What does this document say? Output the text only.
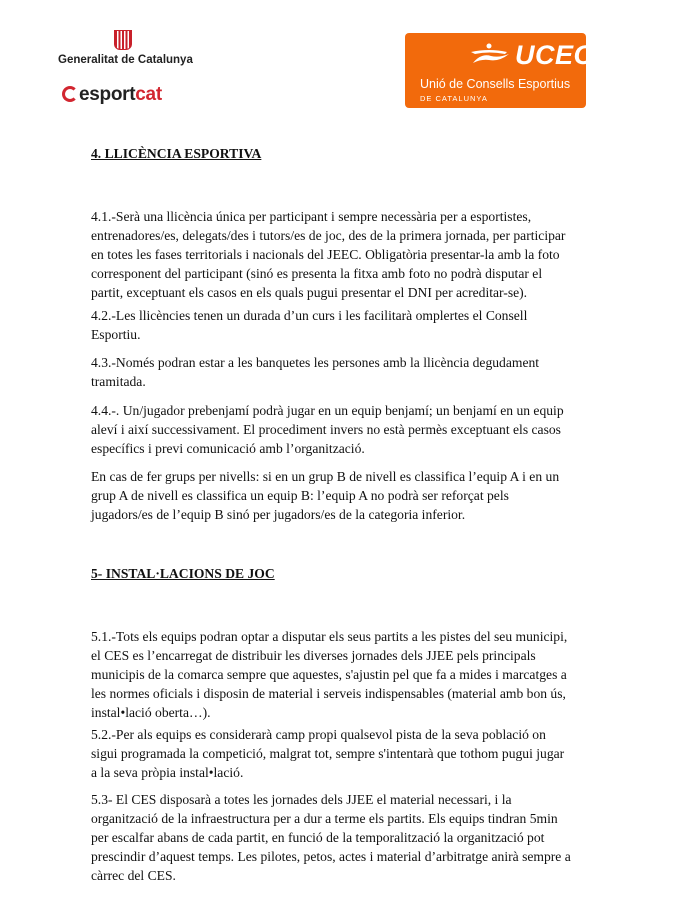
Generalitat de Catalunya
esportcat
UCEC
Unió de Consells Esportius
DE CATALUNYA
4. LLICÈNCIA ESPORTIVA
4.1.-Serà una llicència única per participant i sempre necessària per a esportistes,
entrenadores/es, delegats/des i tutors/es de joc, des de la primera jornada, per participar
en totes les fases territorials i nacionals del JEEC. Obligatòria presentar-la amb la foto
corresponent del participant (sinó es presenta la fitxa amb foto no podrà disputar el
partit, exceptuant els casos en els quals pugui presentar el DNI per acreditar-se).
4.2.-Les llicències tenen un durada d’un curs i les facilitarà omplertes el Consell
Esportiu.
4.3.-Només podran estar a les banquetes les persones amb la llicència degudament
tramitada.
4.4.-. Un/jugador prebenjamí podrà jugar en un equip benjamí; un benjamí en un equip
aleví i així successivament. El procediment invers no està permès exceptuant els casos
específics i previ comunicació amb l’organització.
En cas de fer grups per nivells: si en un grup B de nivell es classifica l’equip A i en un
grup A de nivell es classifica un equip B: l’equip A no podrà ser reforçat pels
jugadors/es de l’equip B sinó per jugadors/es de la categoria inferior.
5- INSTAL·LACIONS DE JOC
5.1.-Tots els equips podran optar a disputar els seus partits a les pistes del seu municipi,
el CES es l’encarregat de distribuir les diverses jornades dels JJEE pels principals
municipis de la comarca sempre que aquestes, s'ajustin pel que fa a mides i marcatges a
les normes oficials i disposin de material i serveis indispensables (material amb bon ús,
instal•lació oberta…).
5.2.-Per als equips es considerarà camp propi qualsevol pista de la seva població on
sigui programada la competició, malgrat tot, sempre s'intentarà que tothom pugui jugar
a la seva pròpia instal•lació.
5.3- El CES disposarà a totes les jornades dels JJEE el material necessari, i la
organització de la infraestructura per a dur a terme els partits. Els equips tindran 5min
per escalfar abans de cada partit, en funció de la temporalització la organització pot
prescindir d’aquest temps. Les pilotes, petos, actes i material d’arbitratge anirà sempre a
càrrec del CES.
